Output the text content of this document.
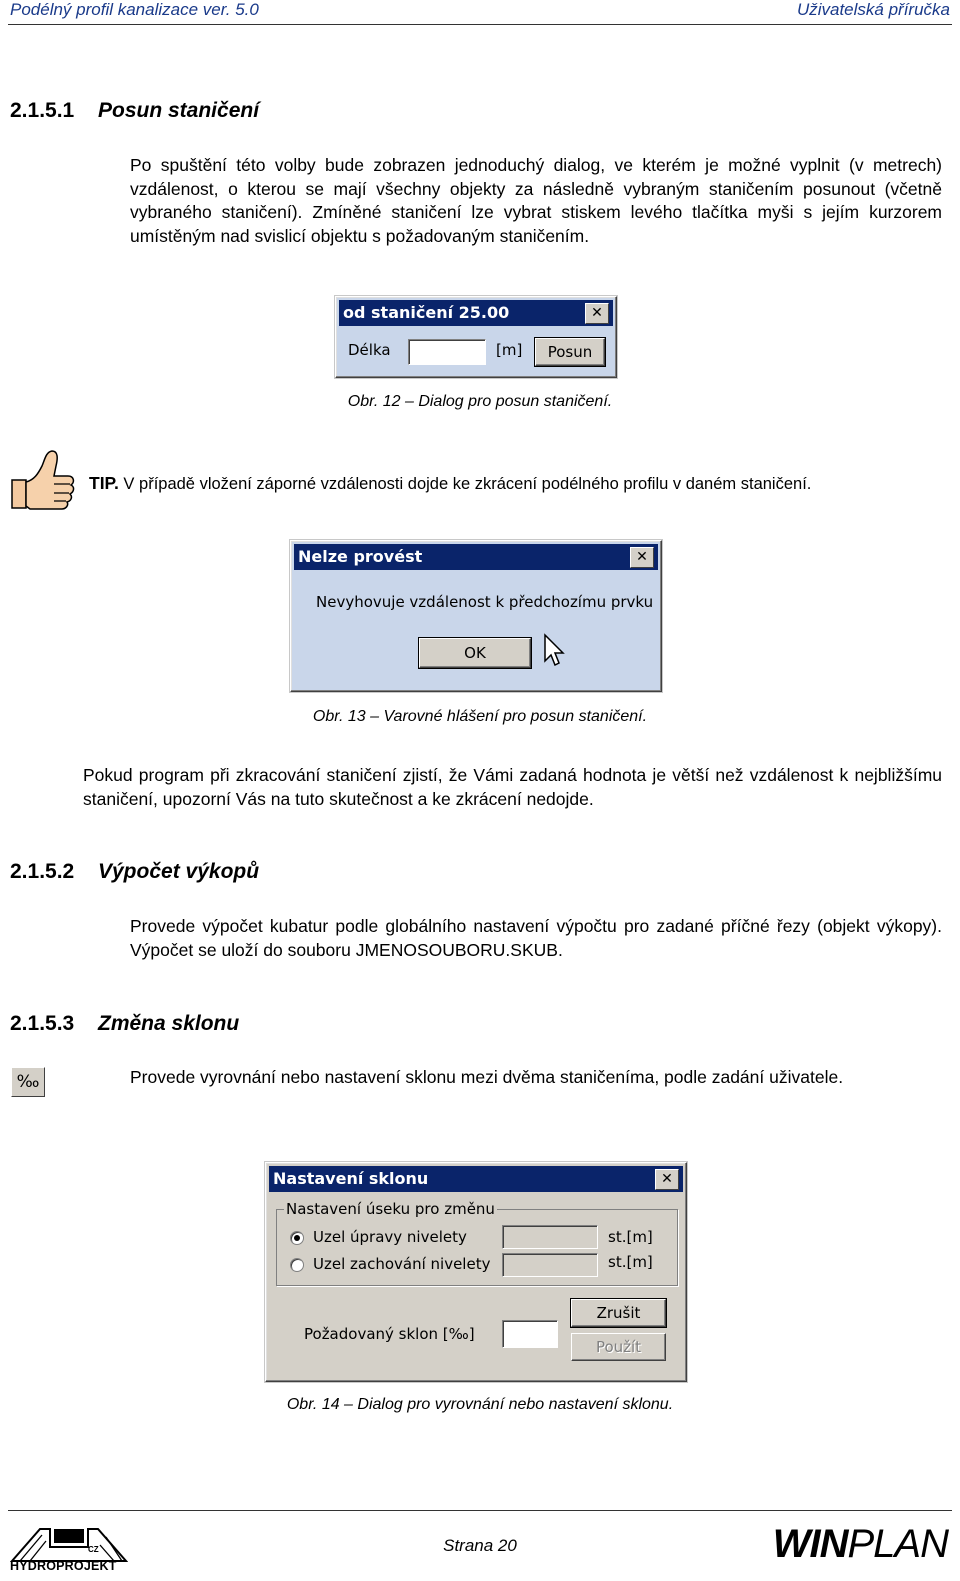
Podélný profil kanalizace ver. 5.0	Uživatelská příručka
2.1.5.1 Posun staničení
Po spuštění této volby bude zobrazen jednoduchý dialog, ve kterém je možné vyplnit (v metrech) vzdálenost, o kterou se mají všechny objekty za následně vybraným staničením posunout (včetně vybraného staničení). Zmíněné staničení lze vybrat stiskem levého tlačítka myši s jejím kurzorem umístěným nad svislicí objektu s požadovaným staničením.
od staničení 25.00	✕
Délka	[m]	Posun
Obr. 12 – Dialog pro posun staničení.
TIP. V případě vložení záporné vzdálenosti dojde ke zkrácení podélného profilu v daném staničení.
Nelze provést	✕
Nevyhovuje vzdálenost k předchozímu prvku
OK
Obr. 13 – Varovné hlášení pro posun staničení.
Pokud program při zkracování staničení zjistí, že Vámi zadaná hodnota je větší než vzdálenost k nejbližšímu staničení, upozorní Vás na tuto skutečnost a ke zkrácení nedojde.
2.1.5.2 Výpočet výkopů
Provede výpočet kubatur podle globálního nastavení výpočtu pro zadané příčné řezy (objekt výkopy). Výpočet se uloží do souboru JMENOSOUBORU.SKUB.
2.1.5.3 Změna sklonu
‰	Provede vyrovnání nebo nastavení sklonu mezi dvěma staničeníma, podle zadání uživatele.
Nastavení sklonu	✕
Nastavení úseku pro změnu
Uzel úpravy nivelety	st.[m]
Uzel zachování nivelety	st.[m]
Zrušit
Požadovaný sklon [‰]
Použít
Obr. 14 – Dialog pro vyrovnání nebo nastavení sklonu.
CZ
HYDROPROJEKT
Strana 20	WINPLAN
